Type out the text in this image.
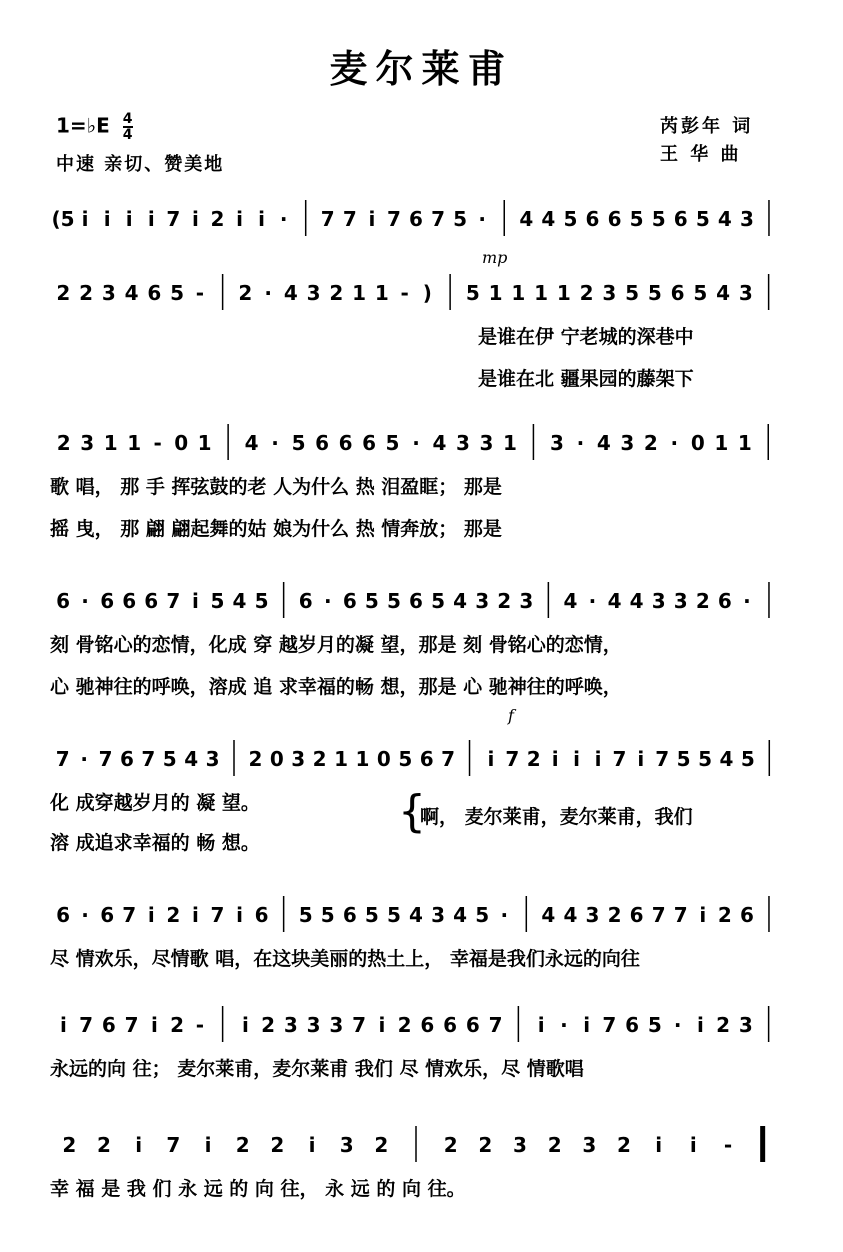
麦尔莱甫
1=♭E $\frac{4}{4}$
中速 亲切、赞美地
芮彭年 词
王 华 曲
mp
f
(5 i i i i 7 i 2 i i · 7 7 i 7 6 7 5 · 4 4 5 6 6 5 5 6 5 4 3
2 2 3 4 6 5 - 2 · 4 3 2 1 1 - ) 5 1 1 1 1 2 3 5 5 6 5 4 3
是谁在伊 宁老城的深巷中
是谁在北 疆果园的藤架下
2 3 1 1 - 0 1 4 · 5 6 6 6 5 · 4 3 3 1 3 · 4 3 2 · 0 1 1
歌 唱， 那 手 挥弦鼓的老 人为什么 热 泪盈眶； 那是
摇 曳， 那 翩 翩起舞的姑 娘为什么 热 情奔放； 那是
6 · 6 6 6 7 i 5 4 5 6 · 6 5 5 6 5 4 3 2 3 4 · 4 4 3 3 2 6 ·
刻 骨铭心的恋情，化成 穿 越岁月的凝 望，那是 刻 骨铭心的恋情，
心 驰神往的呼唤，溶成 追 求幸福的畅 想，那是 心 驰神往的呼唤，
7 · 7 6 7 5 4 3 2 0 3 2 1 1 0 5 6 7 i 7 2 i i i 7 i 7 5 5 4 5
化 成穿越岁月的 凝 望。
溶 成追求幸福的 畅 想。
{
啊， 麦尔莱甫，麦尔莱甫，我们
6 · 6 7 i 2 i 7 i 6 5 5 6 5 5 4 3 4 5 · 4 4 3 2 6 7 7 i 2 6
尽 情欢乐，尽情歌 唱，在这块美丽的热土上， 幸福是我们永远的向往
i 7 6 7 i 2 - i 2 3 3 3 7 i 2 6 6 6 7 i · i 7 6 5 · i 2 3
永远的向 往； 麦尔莱甫，麦尔莱甫 我们 尽 情欢乐，尽 情歌唱
2 2 i 7 i 2 2 i 3 2	2 2 3 2 3 2 i i -
幸 福 是 我 们 永 远 的 向 往， 永 远 的 向 往。
